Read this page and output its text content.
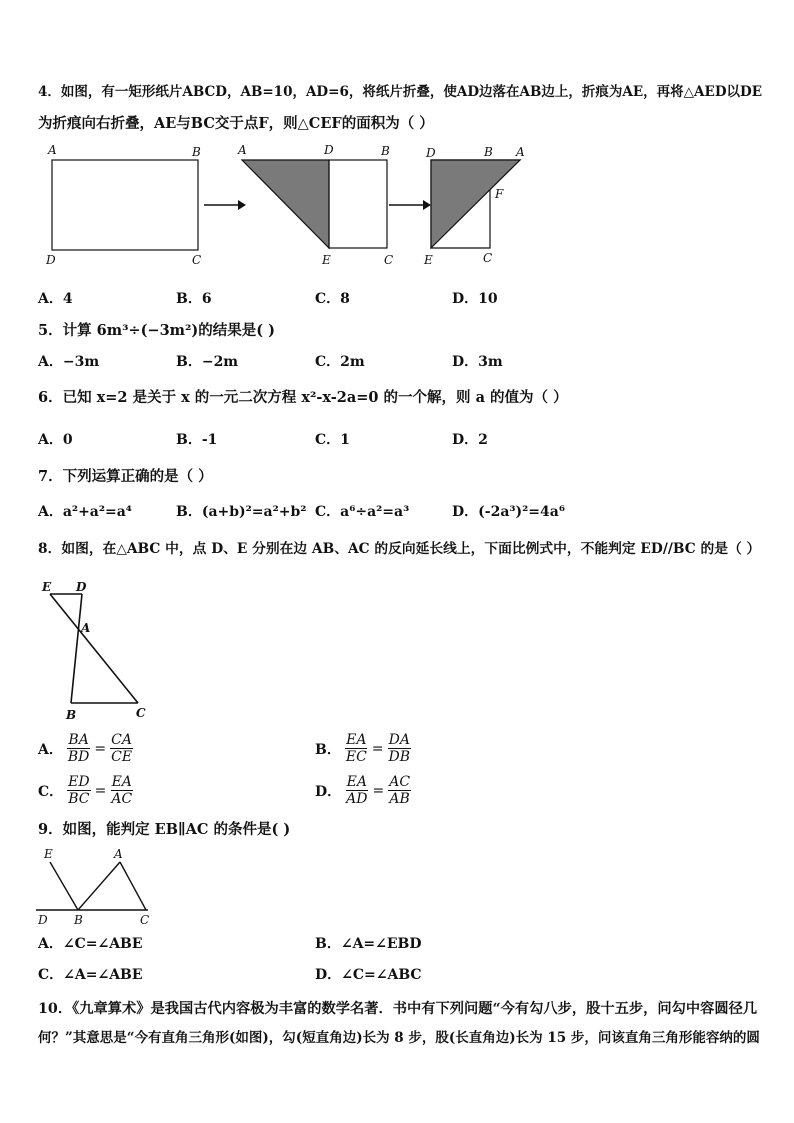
4．如图，有一矩形纸片ABCD，AB=10，AD=6，将纸片折叠，使AD边落在AB边上，折痕为AE，再将△AED以DE
为折痕向右折叠，AE与BC交于点F，则△CEF的面积为（ ）
A	B
D	C
A	D	B
E	C
D	B A
F
E	C
A．4	B．6	C．8	D．10
5．计算 6m³÷(−3m²)的结果是( )
A．−3m	B．−2m	C．2m	D．3m
6．已知 x=2 是关于 x 的一元二次方程 x²-x-2a=0 的一个解，则 a 的值为（ ）
A．0	B．-1	C．1	D．2
7．下列运算正确的是（ ）
A．a²+a²=a⁴	B．(a+b)²=a²+b² C．a⁶÷a²=a³	D．(-2a³)²=4a⁶
8．如图，在△ABC 中，点 D、E 分别在边 AB、AC 的反向延长线上，下面比例式中，不能判定 ED//BC 的是（ ）
E D
A
B	C
A． $\frac{BA}{BD} = \frac{CA}{CE}$	B． $\frac{EA}{EC} = \frac{DA}{DB}$
C． $\frac{ED}{BC} = \frac{EA}{AC}$	D． $\frac{EA}{AD} = \frac{AC}{AB}$
9．如图，能判定 EB∥AC 的条件是( )
E	A
D B	C
A．∠C=∠ABE	B．∠A=∠EBD
C．∠A=∠ABE	D．∠C=∠ABC
10．《九章算术》是我国古代内容极为丰富的数学名著．书中有下列问题“今有勾八步，股十五步，问勾中容圆径几
何？”其意思是“今有直角三角形(如图)，勾(短直角边)长为 8 步，股(长直角边)长为 15 步，问该直角三角形能容纳的圆
